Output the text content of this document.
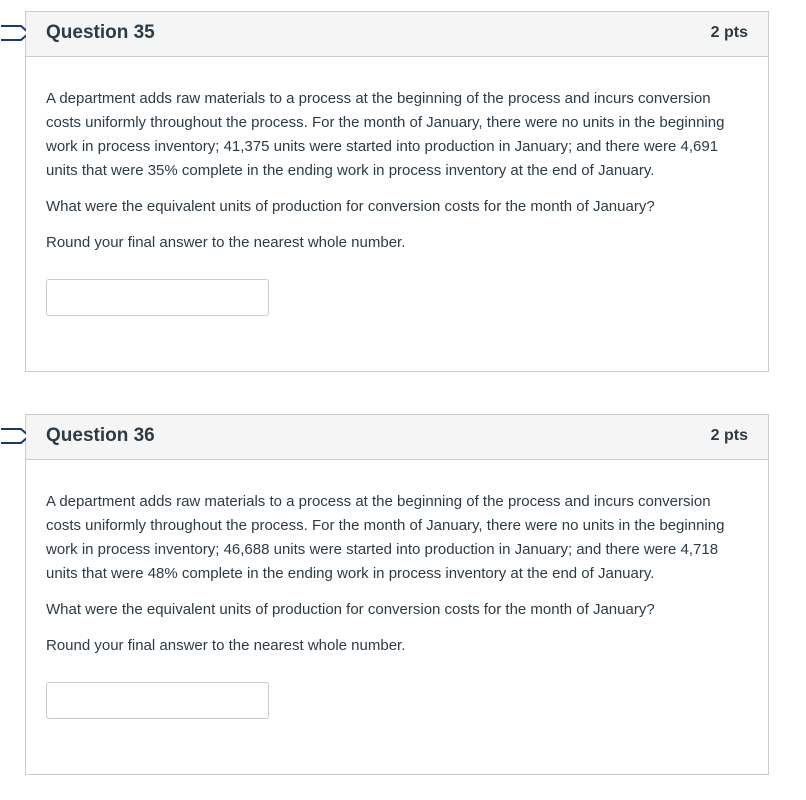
Question 35	2 pts

A department adds raw materials to a process at the beginning of the process and incurs conversion costs uniformly throughout the process. For the month of January, there were no units in the beginning work in process inventory; 41,375 units were started into production in January; and there were 4,691 units that were 35% complete in the ending work in process inventory at the end of January.

What were the equivalent units of production for conversion costs for the month of January?

Round your final answer to the nearest whole number.

Question 36	2 pts

A department adds raw materials to a process at the beginning of the process and incurs conversion costs uniformly throughout the process. For the month of January, there were no units in the beginning work in process inventory; 46,688 units were started into production in January; and there were 4,718 units that were 48% complete in the ending work in process inventory at the end of January.

What were the equivalent units of production for conversion costs for the month of January?

Round your final answer to the nearest whole number.
